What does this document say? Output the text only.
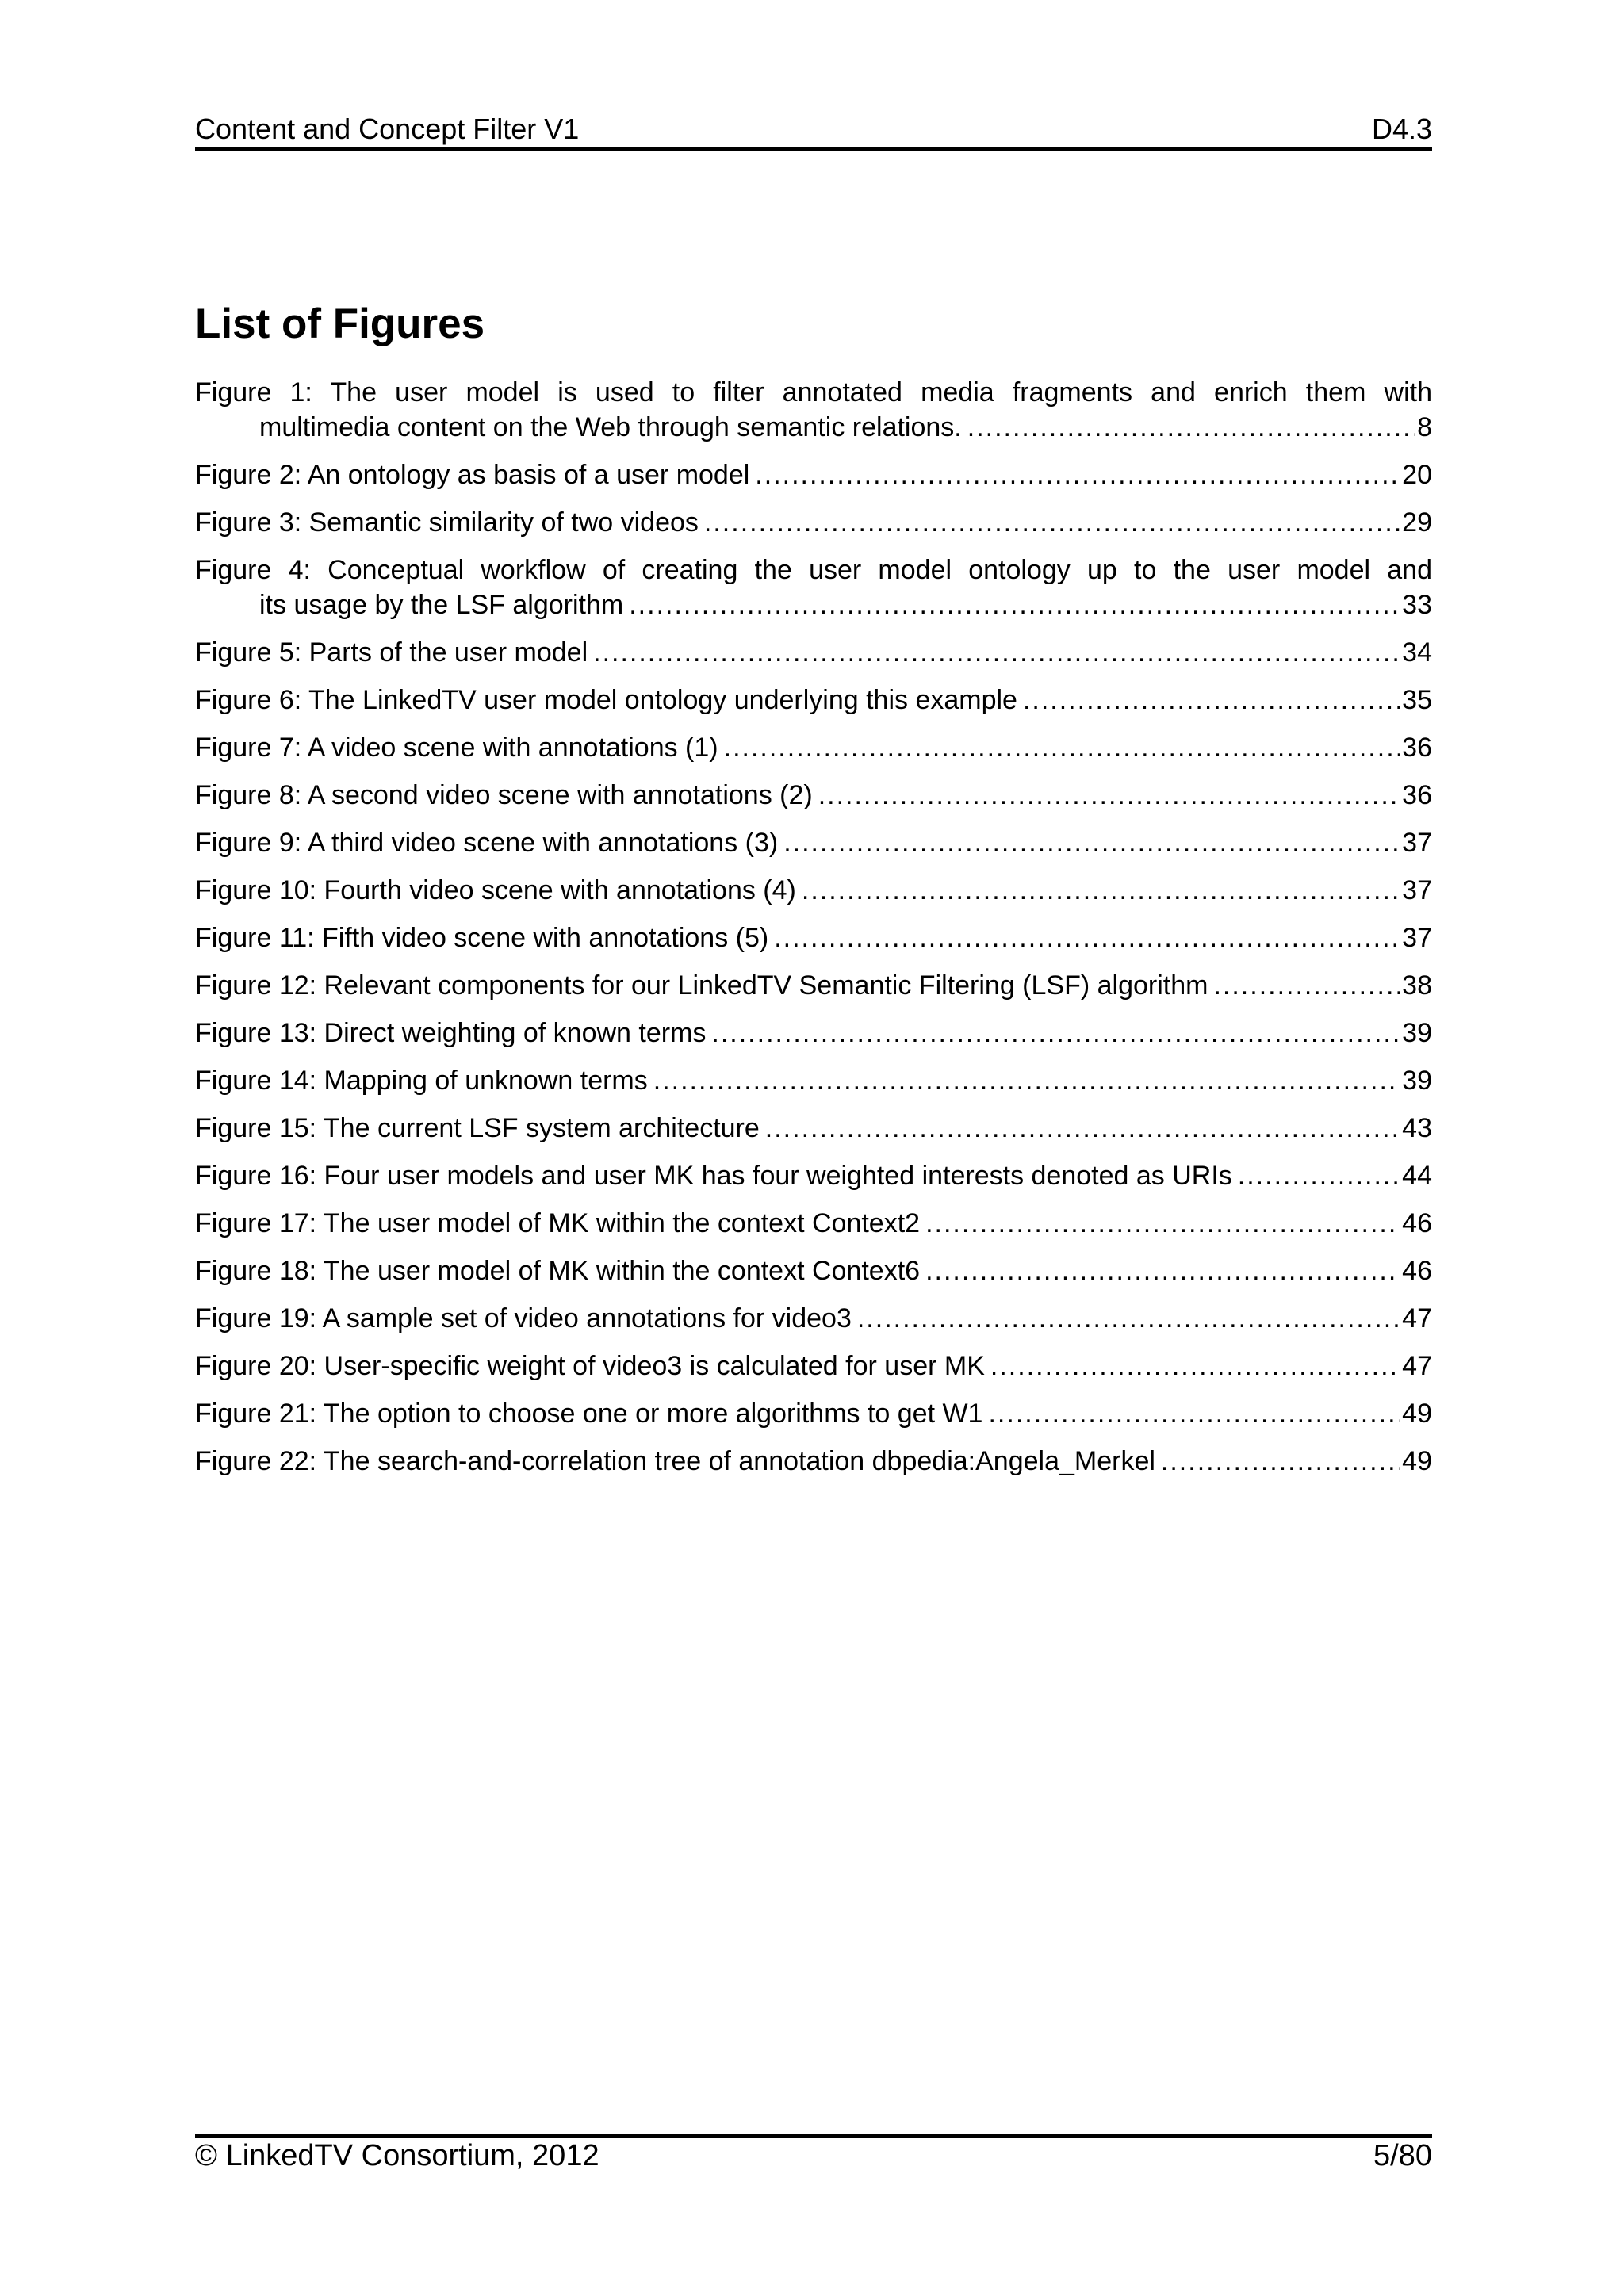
Content and Concept Filter V1	D4.3
List of Figures
Figure 1: The user model is used to filter annotated media fragments and enrich them with
multimedia content on the Web through semantic relations. .....	8
Figure 2: An ontology as basis of a user model .....	20
Figure 3: Semantic similarity of two videos .....	29
Figure 4: Conceptual workflow of creating the user model ontology up to the user model and
its usage by the LSF algorithm .....	33
Figure 5: Parts of the user model .....	34
Figure 6: The LinkedTV user model ontology underlying this example .....	35
Figure 7: A video scene with annotations (1) .....	36
Figure 8: A second video scene with annotations (2) .....	36
Figure 9: A third video scene with annotations (3) .....	37
Figure 10: Fourth video scene with annotations (4) .....	37
Figure 11: Fifth video scene with annotations (5) .....	37
Figure 12: Relevant components for our LinkedTV Semantic Filtering (LSF) algorithm .....	38
Figure 13: Direct weighting of known terms .....	39
Figure 14: Mapping of unknown terms .....	39
Figure 15: The current LSF system architecture .....	43
Figure 16: Four user models and user MK has four weighted interests denoted as URIs .....	44
Figure 17: The user model of MK within the context Context2 .....	46
Figure 18: The user model of MK within the context Context6 .....	46
Figure 19: A sample set of video annotations for video3 .....	47
Figure 20: User-specific weight of video3 is calculated for user MK .....	47
Figure 21: The option to choose one or more algorithms to get W1 .....	49
Figure 22: The search-and-correlation tree of annotation dbpedia:Angela_Merkel .....	49
© LinkedTV Consortium, 2012	5/80
